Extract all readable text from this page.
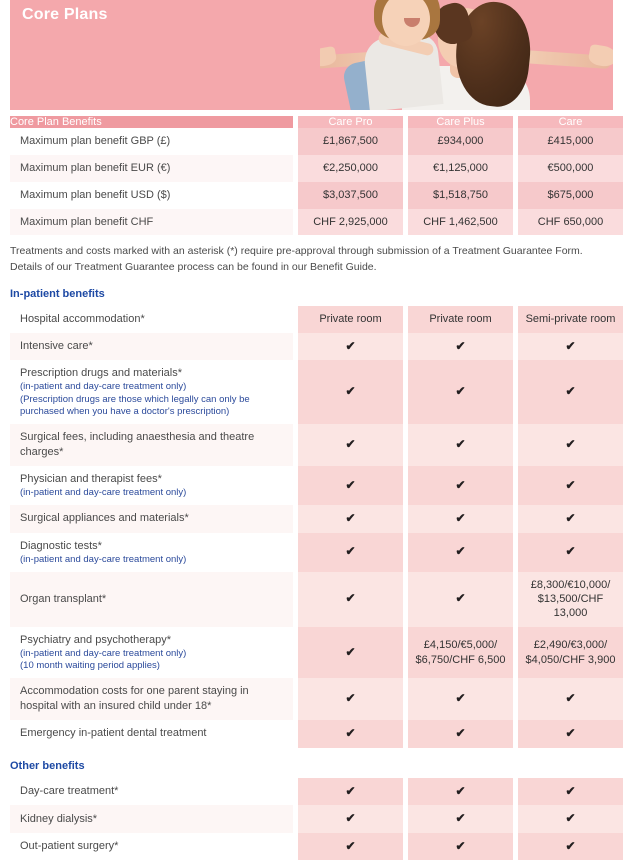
Core Plans
Core Plan Benefits		Care Pro		Care Plus		Care
Maximum plan benefit GBP (£)		£1,867,500		£934,000		£415,000
Maximum plan benefit EUR (€)		€2,250,000		€1,125,000		€500,000
Maximum plan benefit USD ($)		$3,037,500		$1,518,750		$675,000
Maximum plan benefit CHF		CHF 2,925,000		CHF 1,462,500		CHF 650,000
Treatments and costs marked with an asterisk (*) require pre-approval through submission of a Treatment Guarantee Form.
Details of our Treatment Guarantee process can be found in our Benefit Guide.
In-patient benefits
Hospital accommodation*		Private room		Private room		Semi-private room
Intensive care*		✔		✔		✔
Prescription drugs and materials*
(in-patient and day-care treatment only)
(Prescription drugs are those which legally can only be purchased when you have a doctor's prescription)		✔		✔		✔
Surgical fees, including anaesthesia and theatre charges*		✔		✔		✔
Physician and therapist fees*
(in-patient and day-care treatment only)		✔		✔		✔
Surgical appliances and materials*		✔		✔		✔
Diagnostic tests*
(in-patient and day-care treatment only)		✔		✔		✔
Organ transplant*		✔		✔		£8,300/€10,000/
$13,500/CHF 13,000
Psychiatry and psychotherapy*
(in-patient and day-care treatment only)
(10 month waiting period applies)		✔		£4,150/€5,000/
$6,750/CHF 6,500		£2,490/€3,000/
$4,050/CHF 3,900
Accommodation costs for one parent staying in hospital with an insured child under 18*		✔		✔		✔
Emergency in-patient dental treatment		✔		✔		✔
Other benefits
Day-care treatment*		✔		✔		✔
Kidney dialysis*		✔		✔		✔
Out-patient surgery*		✔		✔		✔
